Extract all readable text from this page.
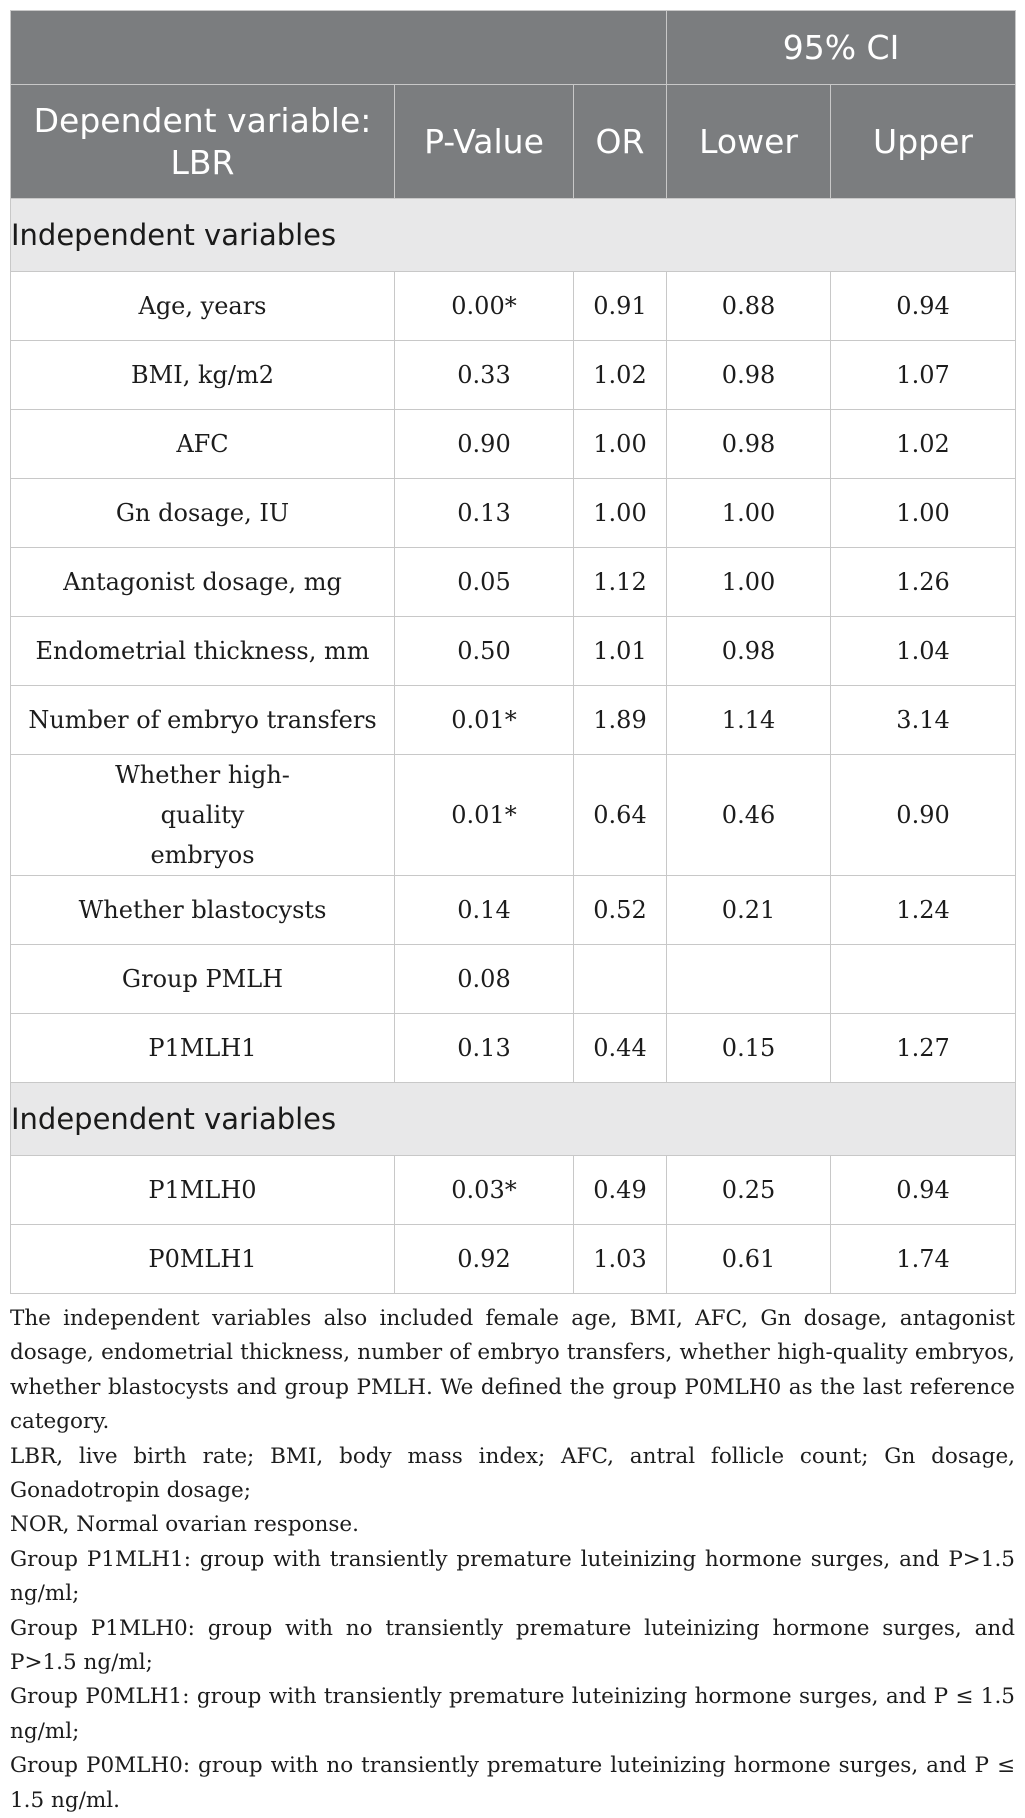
			95% CI	
Dependent variable: LBR	P-Value	OR	Lower	Upper
Independent variables				
Age, years	0.00*	0.91	0.88	0.94
BMI, kg/m2	0.33	1.02	0.98	1.07
AFC	0.90	1.00	0.98	1.02
Gn dosage, IU	0.13	1.00	1.00	1.00
Antagonist dosage, mg	0.05	1.12	1.00	1.26
Endometrial thickness, mm	0.50	1.01	0.98	1.04
Number of embryo transfers	0.01*	1.89	1.14	3.14
Whether high-quality embryos	0.01*	0.64	0.46	0.90
Whether blastocysts	0.14	0.52	0.21	1.24
Group PMLH	0.08			
P1MLH1	0.13	0.44	0.15	1.27
Independent variables				
P1MLH0	0.03*	0.49	0.25	0.94
P0MLH1	0.92	1.03	0.61	1.74

The independent variables also included female age, BMI, AFC, Gn dosage, antagonist dosage, endometrial thickness, number of embryo transfers, whether high-quality embryos, whether blastocysts and group PMLH. We defined the group P0MLH0 as the last reference category.

LBR, live birth rate; BMI, body mass index; AFC, antral follicle count; Gn dosage, Gonadotropin dosage;

NOR, Normal ovarian response.

Group P1MLH1: group with transiently premature luteinizing hormone surges, and P>1.5 ng/ml;

Group P1MLH0: group with no transiently premature luteinizing hormone surges, and P>1.5 ng/ml;

Group P0MLH1: group with transiently premature luteinizing hormone surges, and P ≤ 1.5 ng/ml;

Group P0MLH0: group with no transiently premature luteinizing hormone surges, and P ≤ 1.5 ng/ml.
